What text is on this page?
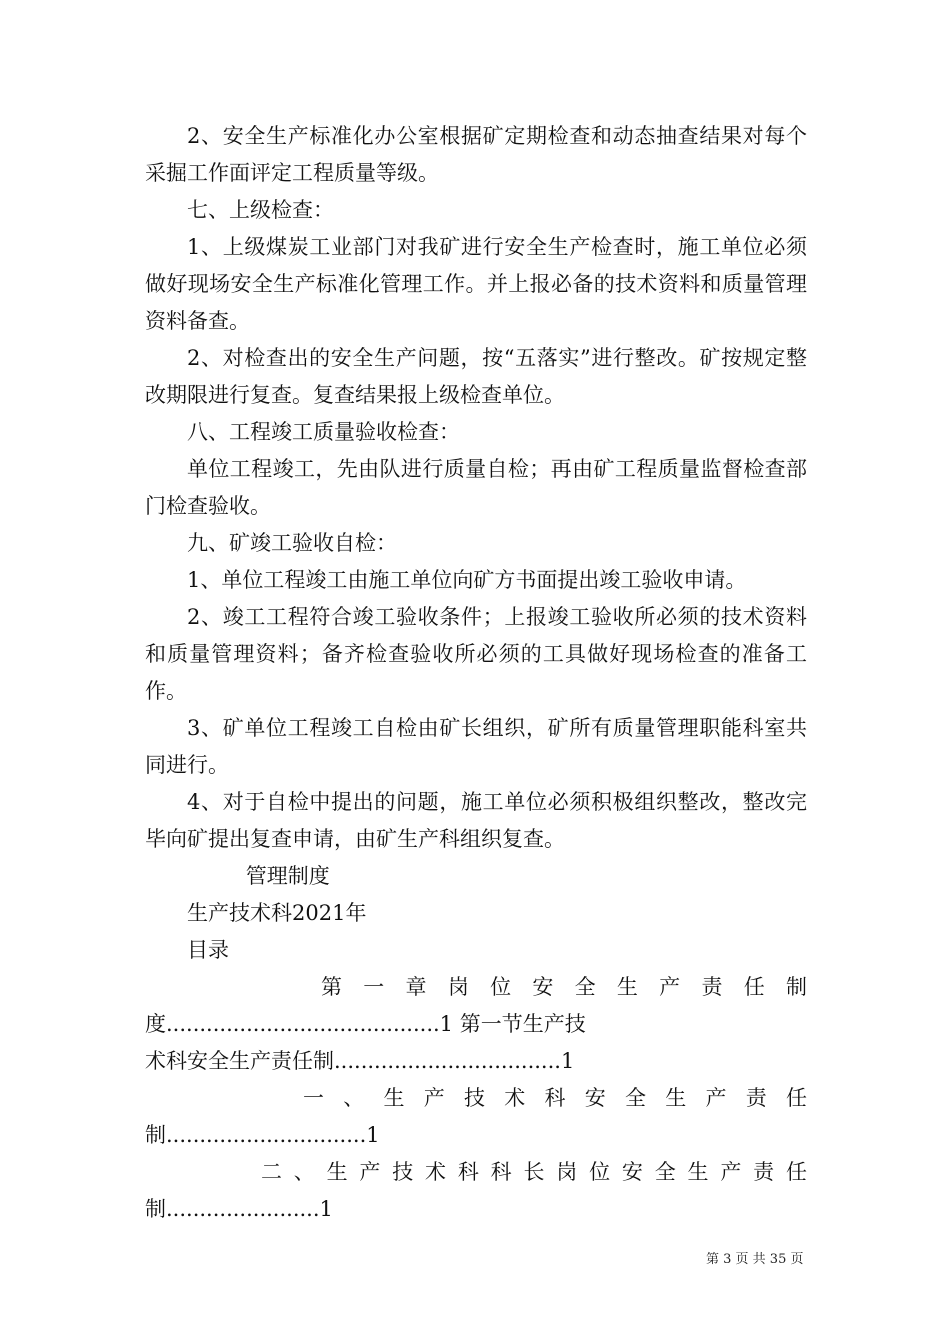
2、安全生产标准化办公室根据矿定期检查和动态抽查结果对每个采掘工作面评定工程质量等级。

七、上级检查：

1、上级煤炭工业部门对我矿进行安全生产检查时，施工单位必须做好现场安全生产标准化管理工作。并上报必备的技术资料和质量管理资料备查。

2、对检查出的安全生产问题，按“五落实”进行整改。矿按规定整改期限进行复查。复查结果报上级检查单位。

八、工程竣工质量验收检查：

单位工程竣工，先由队进行质量自检；再由矿工程质量监督检查部门检查验收。

九、矿竣工验收自检：

1、单位工程竣工由施工单位向矿方书面提出竣工验收申请。

2、竣工工程符合竣工验收条件；上报竣工验收所必须的技术资料和质量管理资料；备齐检查验收所必须的工具做好现场检查的准备工作。

3、矿单位工程竣工自检由矿长组织，矿所有质量管理职能科室共同进行。

4、对于自检中提出的问题，施工单位必须积极组织整改，整改完毕向矿提出复查申请，由矿生产科组织复查。

管理制度

生产技术科2021年

目录

第 一 章 岗 位 安 全 生 产 责 任 制

度.........................................1 第一节生产技

术科安全生产责任制..................................1

一 、 生 产 技 术 科 安 全 生 产 责 任

制..............................1

二 、 生 产 技 术 科 科 长 岗 位 安 全 生 产 责 任

制.......................1

第 3 页 共 35 页
